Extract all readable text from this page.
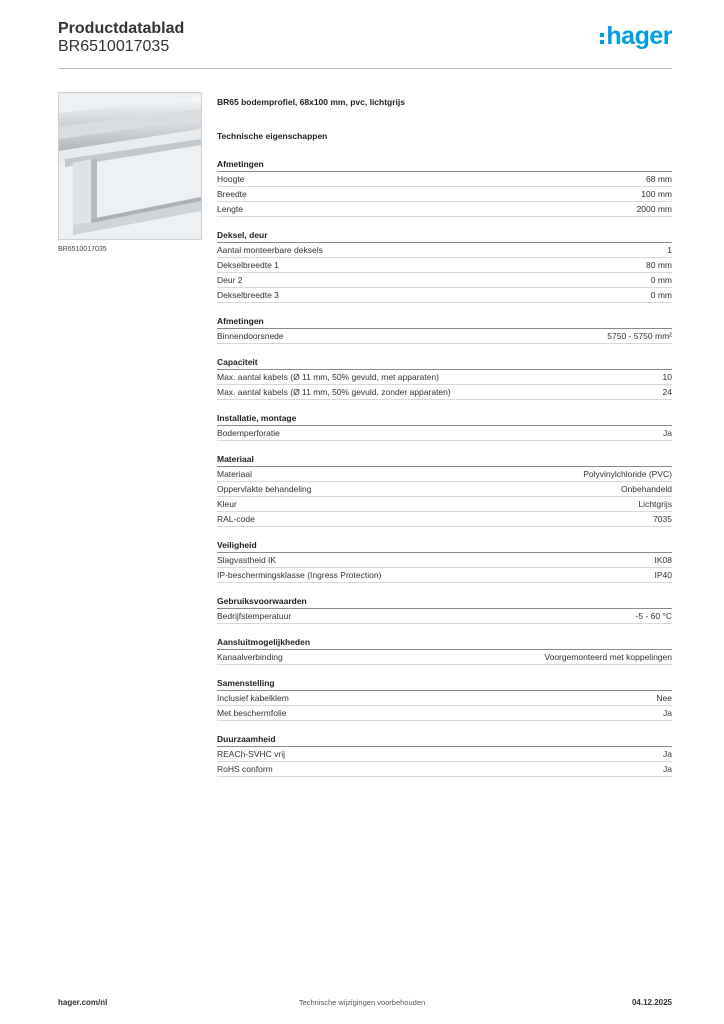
Productdatablad
BR6510017035	hager
BR6510017035
BR65 bodemprofiel, 68x100 mm, pvc, lichtgrijs
Technische eigenschappen
Afmetingen
Hoogte	68 mm
Breedte	100 mm
Lengte	2000 mm
Deksel, deur
Aantal monteerbare deksels	1
Dekselbreedte 1	80 mm
Deur 2	0 mm
Dekselbreedte 3	0 mm
Afmetingen
Binnendoorsnede	5750 - 5750 mm²
Capaciteit
Max. aantal kabels (Ø 11 mm, 50% gevuld, met apparaten)	10
Max. aantal kabels (Ø 11 mm, 50% gevuld, zonder apparaten)	24
Installatie, montage
Bodemperforatie	Ja
Materiaal
Materiaal	Polyvinylchloride (PVC)
Oppervlakte behandeling	Onbehandeld
Kleur	Lichtgrijs
RAL-code	7035
Veiligheid
Slagvastheid IK	IK08
IP-beschermingsklasse (Ingress Protection)	IP40
Gebruiksvoorwaarden
Bedrijfstemperatuur	-5 - 60 °C
Aansluitmogelijkheden
Kanaalverbinding	Voorgemonteerd met koppelingen
Samenstelling
Inclusief kabelklem	Nee
Met beschermfolie	Ja
Duurzaamheid
REACh-SVHC vrij	Ja
RoHS conform	Ja
hager.com/nl	Technische wijzigingen voorbehouden	04.12.2025
